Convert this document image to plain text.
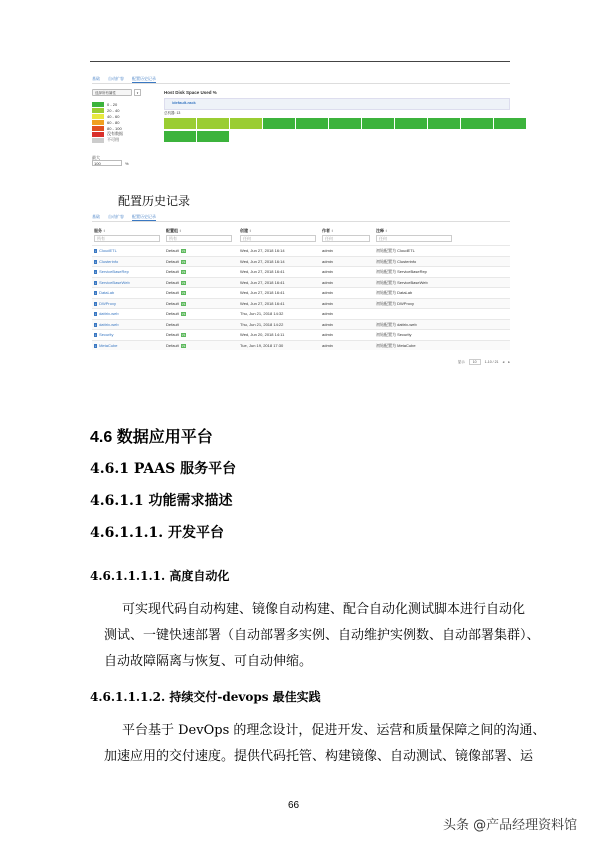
基础 自动扩容 配置历史记录
选择所有属性	▾
0 - 20
20 - 40
40 - 60
60 - 80
80 - 100
没有数据
不可用
最大
100	%
Host Disk Space Used %
/default-rack
总机器: 13
配置历史记录
基础 自动扩容 配置历史记录
服务 ↕	配置组 ↕	创建 ↕	作者 ↕	注释 ↕
所有	所有	任何	任何	任何
• CloudETL	Default V1	Wed, Jun 27, 2018 16:14	admin	初始配置为 CloudETL
• Clusterinfo	Default V1	Wed, Jun 27, 2018 16:14	admin	初始配置为 Clusterinfo
• ServiceBaseRep	Default V1	Wed, Jun 27, 2018 16:41	admin	初始配置为 ServiceBaseRep
• ServiceBaseWeb	Default V1	Wed, Jun 27, 2018 16:41	admin	初始配置为 ServiceBaseWeb
• DataLab	Default V1	Wed, Jun 27, 2018 16:41	admin	初始配置为 DataLab
• DWProxy	Default V1	Wed, Jun 27, 2018 16:41	admin	初始配置为 DWProxy
• dattrix-web	Default V1	Thu, Jun 21, 2018 14:32	admin
• dattrix-web	Default	Thu, Jun 21, 2018 14:22	admin	初始配置为 dattrix-web
• Security	Default V1	Wed, Jun 20, 2018 14:11	admin	初始配置为 Security
• MetaCube	Default V1	Tue, Jun 19, 2018 17:30	admin	初始配置为 MetaCube
显示	10	1-10 / 21 ◂ ▸
4.6 数据应用平台
4.6.1 PAAS 服务平台
4.6.1.1 功能需求描述
4.6.1.1.1. 开发平台
4.6.1.1.1.1. 高度自动化
可实现代码自动构建、镜像自动构建、配合自动化测试脚本进行自动化
测试、一键快速部署（自动部署多实例、自动维护实例数、自动部署集群）、
自动故障隔离与恢复、可自动伸缩。
4.6.1.1.1.2. 持续交付-devops 最佳实践
平台基于 DevOps 的理念设计，促进开发、运营和质量保障之间的沟通、
加速应用的交付速度。提供代码托管、构建镜像、自动测试、镜像部署、运
66
头条 @产品经理资料馆
